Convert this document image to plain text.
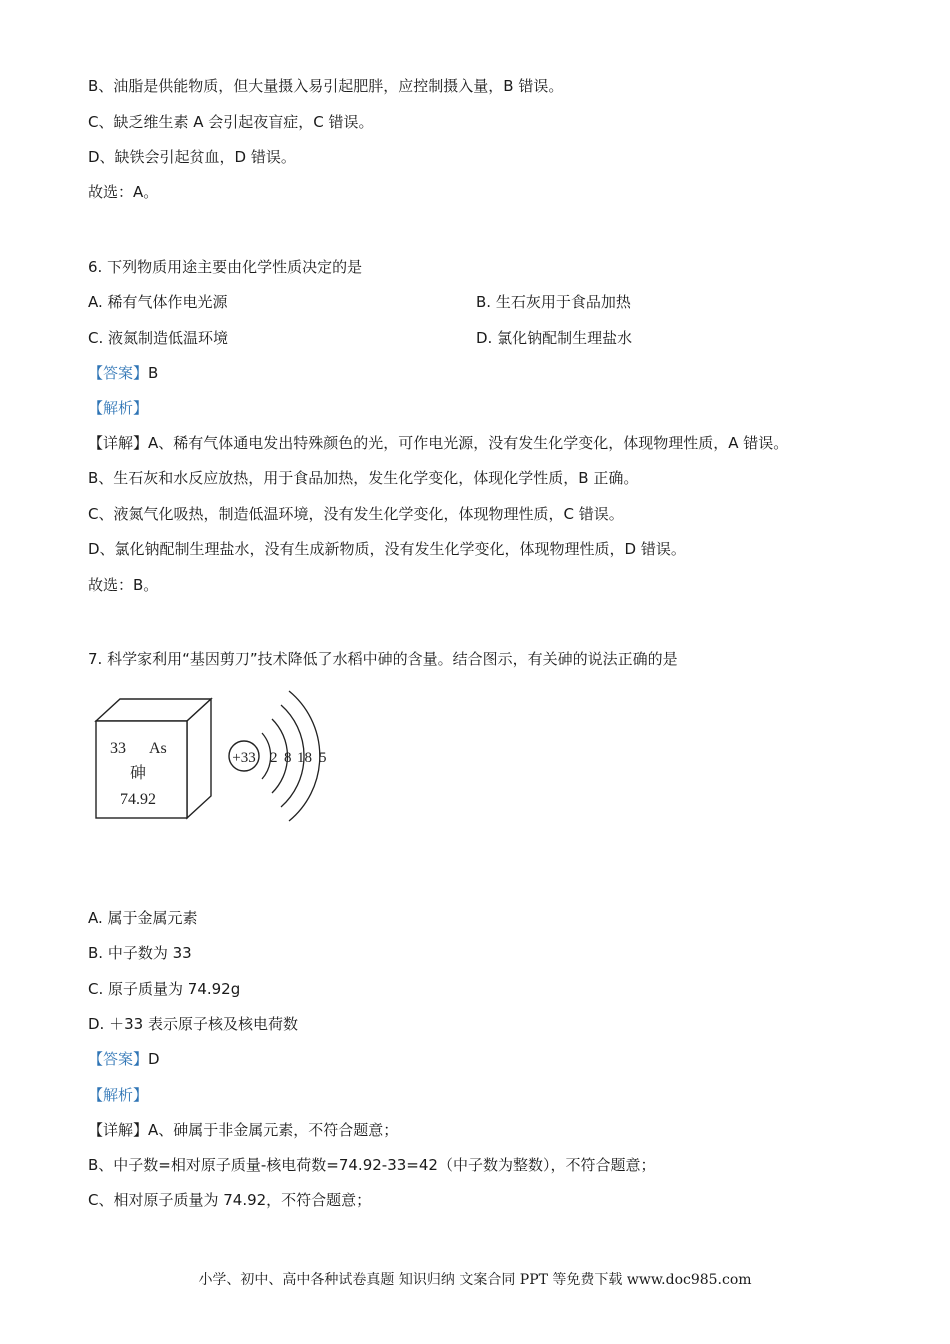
B、油脂是供能物质，但大量摄入易引起肥胖，应控制摄入量，B 错误。
C、缺乏维生素 A 会引起夜盲症，C 错误。
D、缺铁会引起贫血，D 错误。
故选：A。
6. 下列物质用途主要由化学性质决定的是
A. 稀有气体作电光源	B. 生石灰用于食品加热
C. 液氮制造低温环境	D. 氯化钠配制生理盐水
【答案】B
【解析】
【详解】A、稀有气体通电发出特殊颜色的光，可作电光源，没有发生化学变化，体现物理性质，A 错误。
B、生石灰和水反应放热，用于食品加热，发生化学变化，体现化学性质，B 正确。
C、液氮气化吸热，制造低温环境，没有发生化学变化，体现物理性质，C 错误。
D、氯化钠配制生理盐水，没有生成新物质，没有发生化学变化，体现物理性质，D 错误。
故选：B。
7. 科学家利用“基因剪刀”技术降低了水稻中砷的含量。结合图示，有关砷的说法正确的是
33 As
砷
74.92
+33 2 8 18 5
A. 属于金属元素
B. 中子数为 33
C. 原子质量为 74.92g
D. ＋33 表示原子核及核电荷数
【答案】D
【解析】
【详解】A、砷属于非金属元素，不符合题意；
B、中子数=相对原子质量-核电荷数=74.92-33=42（中子数为整数），不符合题意；
C、相对原子质量为 74.92，不符合题意；
小学、初中、高中各种试卷真题 知识归纳 文案合同 PPT 等免费下载 www.doc985.com
